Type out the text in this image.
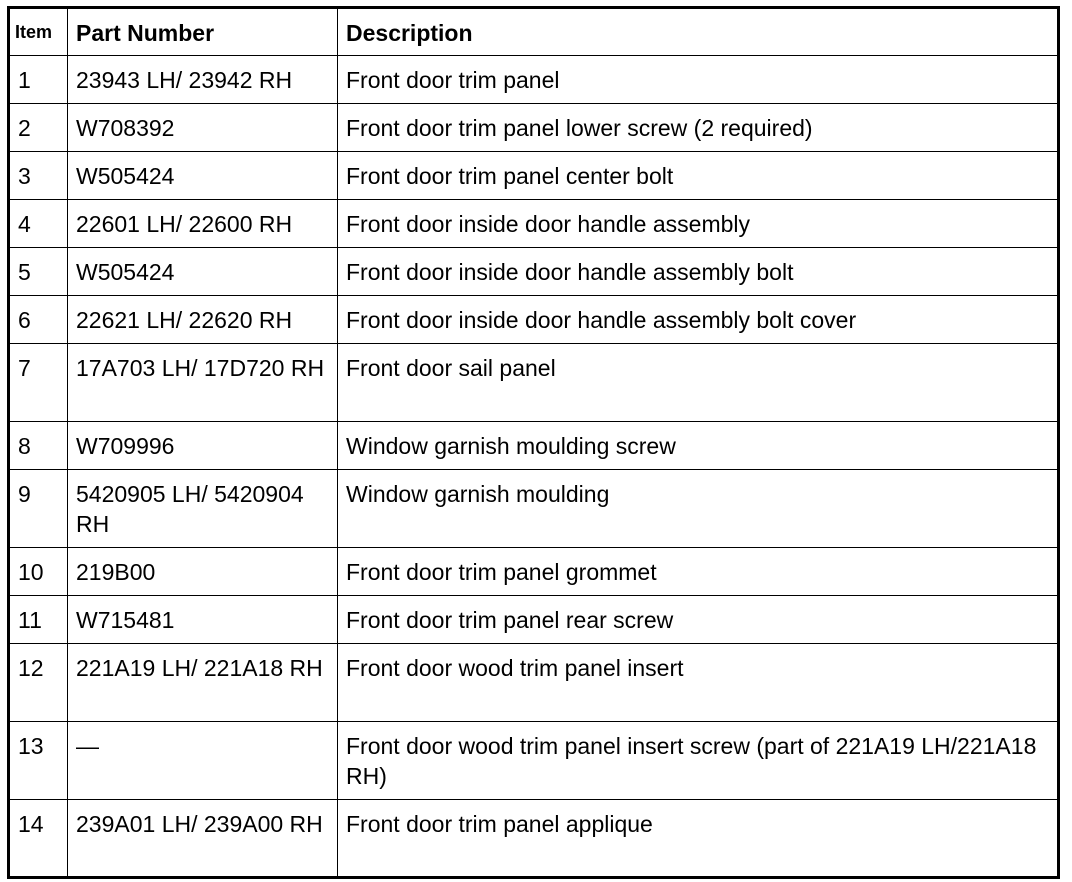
Item	Part Number	Description
1	23943 LH/ 23942 RH	Front door trim panel
2	W708392	Front door trim panel lower screw (2 required)
3	W505424	Front door trim panel center bolt
4	22601 LH/ 22600 RH	Front door inside door handle assembly
5	W505424	Front door inside door handle assembly bolt
6	22621 LH/ 22620 RH	Front door inside door handle assembly bolt cover
7	17A703 LH/ 17D720 RH	Front door sail panel
8	W709996	Window garnish moulding screw
9	5420905 LH/ 5420904 RH	Window garnish moulding
10	219B00	Front door trim panel grommet
11	W715481	Front door trim panel rear screw
12	221A19 LH/ 221A18 RH	Front door wood trim panel insert
13	—	Front door wood trim panel insert screw (part of 221A19 LH/221A18 RH)
14	239A01 LH/ 239A00 RH	Front door trim panel applique
